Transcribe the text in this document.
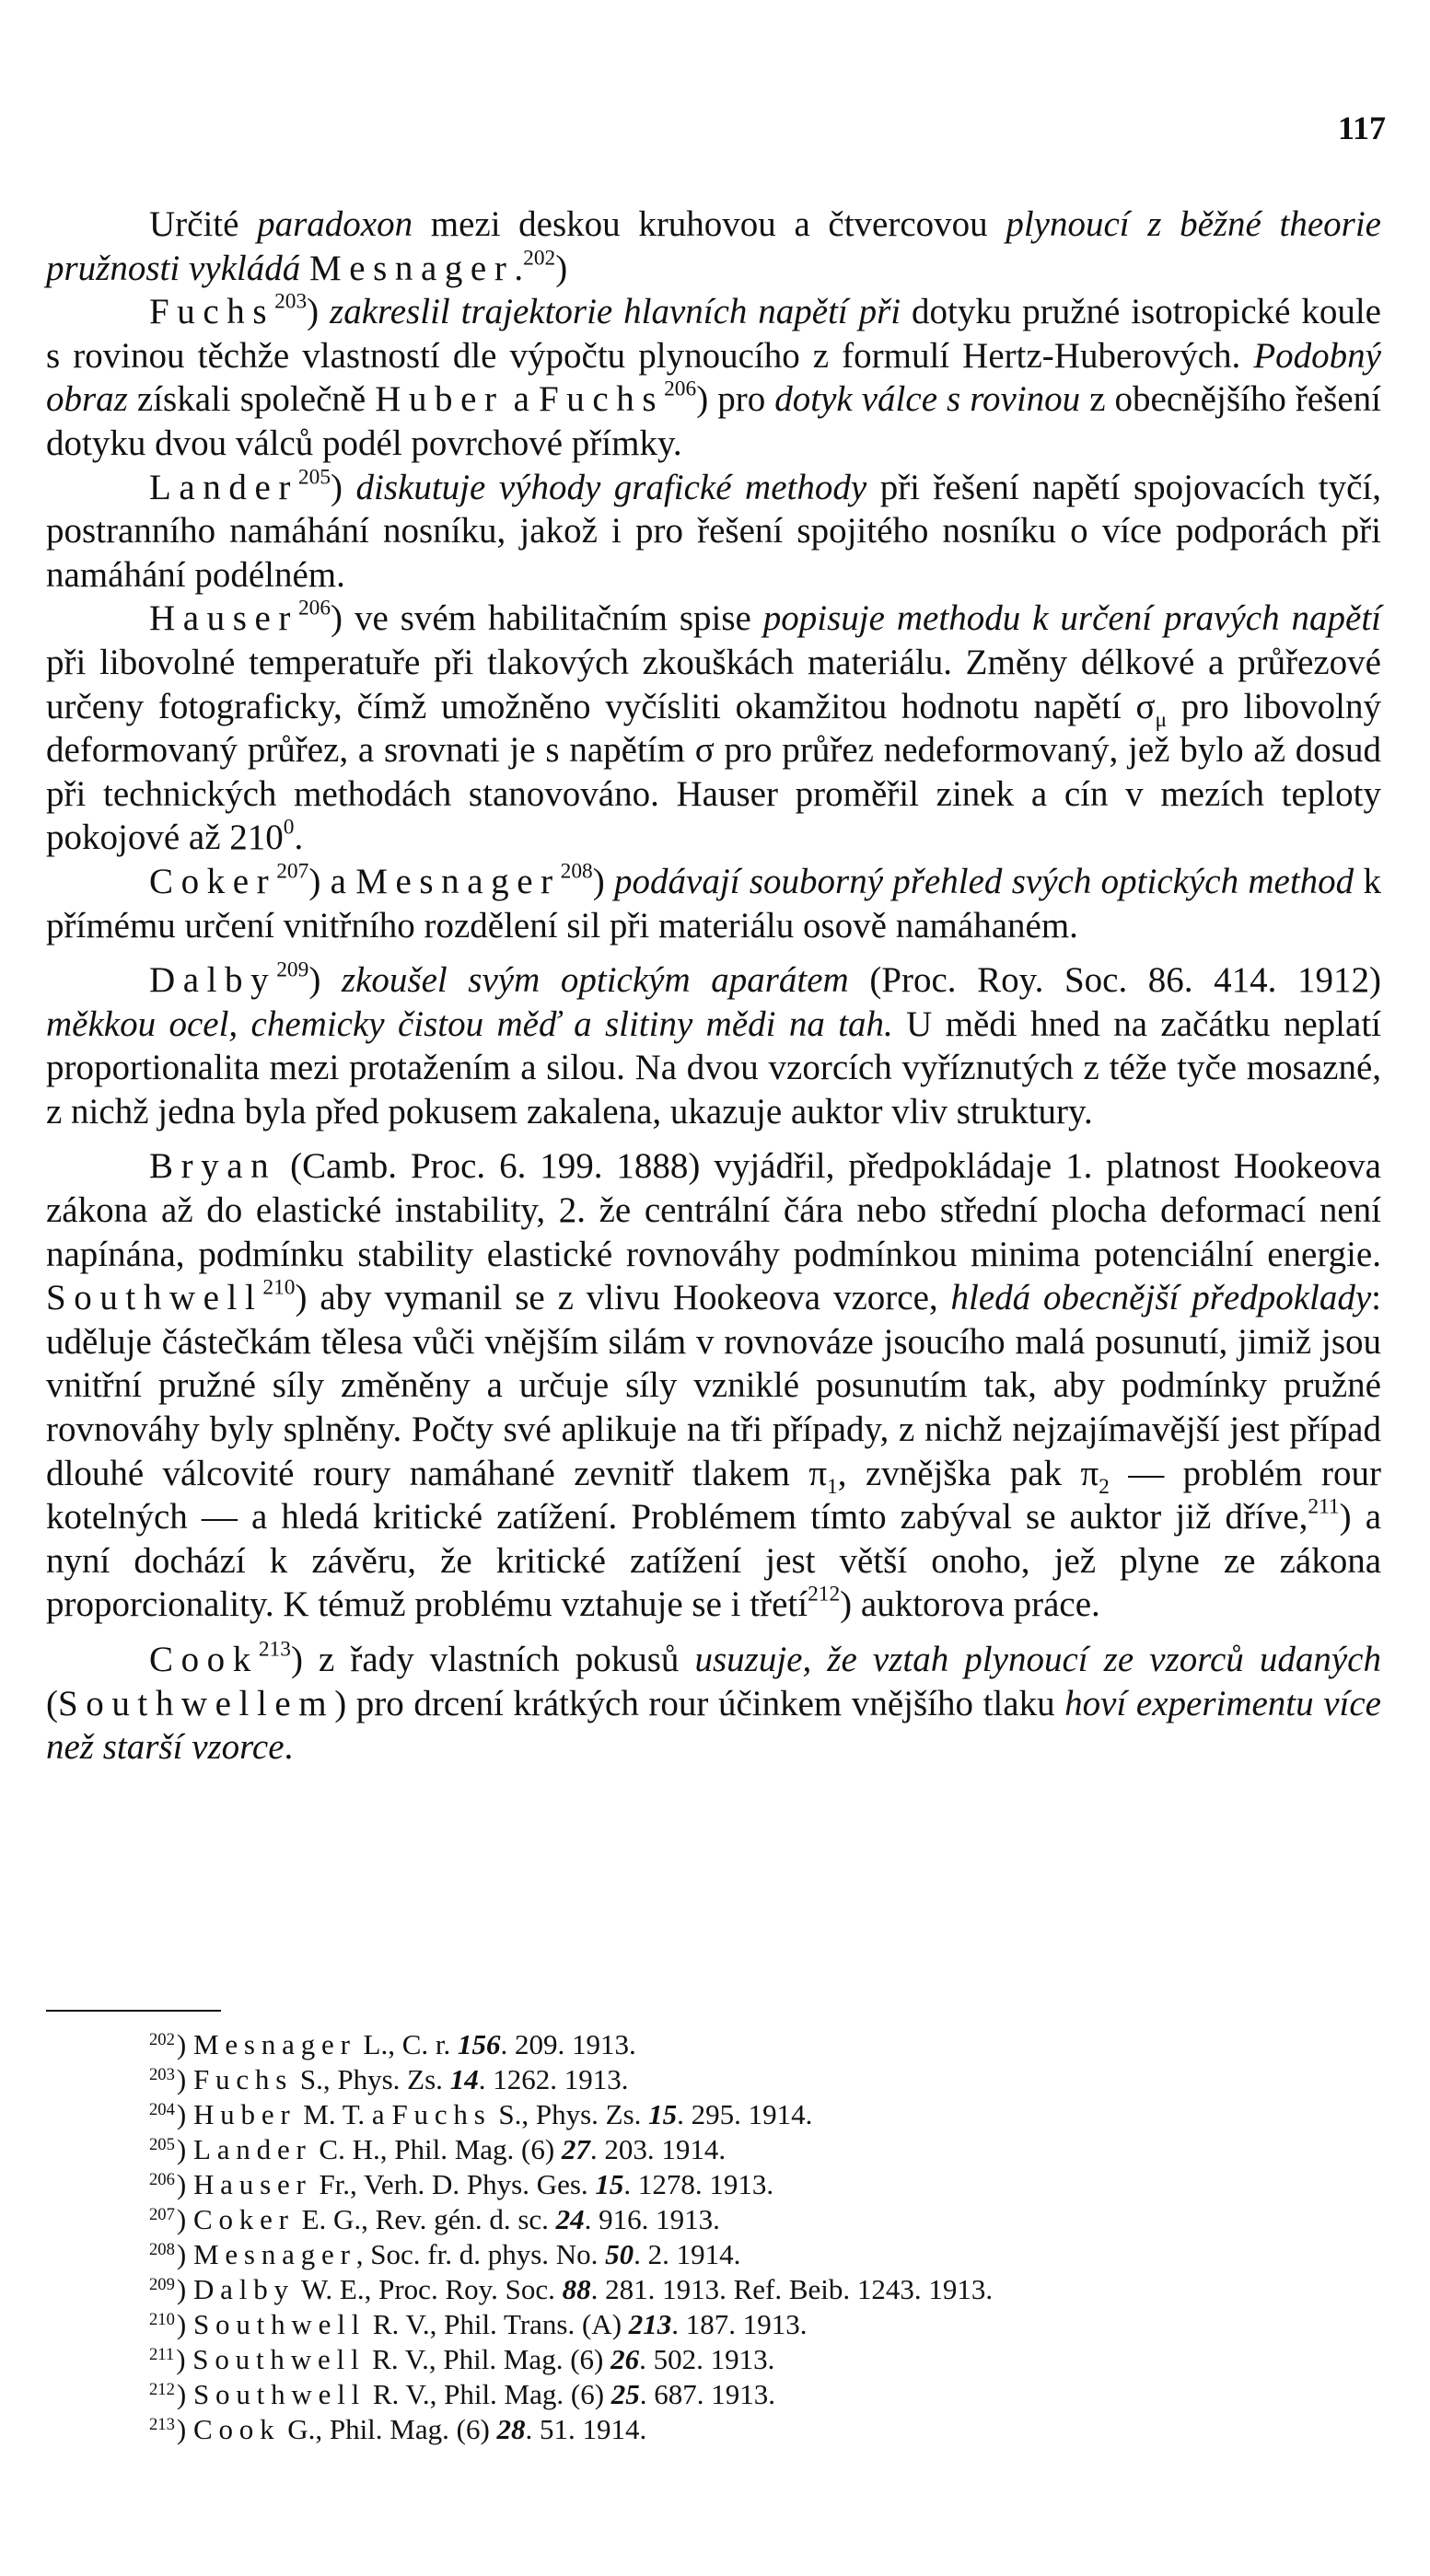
117

Určité paradoxon mezi deskou kruhovou a čtvercovou plynoucí z běžné theorie pružnosti vykládá Mesnager.$^{202}$)

Fuchs$^{203}$) zakreslil trajektorie hlavních napětí při dotyku pružné isotropické koule s rovinou těchže vlastností dle výpočtu plynoucího z formulí Hertz-Huberových. Podobný obraz získali společně Huber a Fuchs$^{206}$) pro dotyk válce s rovinou z obecnějšího řešení dotyku dvou válců podél povrchové přímky.

Lander$^{205}$) diskutuje výhody grafické methody při řešení napětí spojovacích tyčí, postranního namáhání nosníku, jakož i pro řešení spojitého nosníku o více podporách při namáhání podélném.

Hauser$^{206}$) ve svém habilitačním spise popisuje methodu k určení pravých napětí při libovolné temperatuře při tlakových zkouškách materiálu. Změny délkové a průřezové určeny fotograficky, čímž umožněno vyčísliti okamžitou hodnotu napětí $\sigma_\mu$ pro libovolný deformovaný průřez, a srovnati je s napětím σ pro průřez nedeformovaný, jež bylo až dosud při technických methodách stanovováno. Hauser proměřil zinek a cín v mezích teploty pokojové až $210^0$.

Coker$^{207}$) a Mesnager$^{208}$) podávají souborný přehled svých optických method k přímému určení vnitřního rozdělení sil při materiálu osově namáhaném.

Dalby$^{209}$) zkoušel svým optickým aparátem (Proc. Roy. Soc. 86. 414. 1912) měkkou ocel, chemicky čistou měď a slitiny mědi na tah. U mědi hned na začátku neplatí proportionalita mezi protažením a silou. Na dvou vzorcích vyříznutých z téže tyče mosazné, z nichž jedna byla před pokusem zakalena, ukazuje auktor vliv struktury.

Bryan (Camb. Proc. 6. 199. 1888) vyjádřil, předpokládaje 1. platnost Hookeova zákona až do elastické instability, 2. že centrální čára nebo střední plocha deformací není napínána, podmínku stability elastické rovnováhy podmínkou minima potenciální energie. Southwell$^{210}$) aby vymanil se z vlivu Hookeova vzorce, hledá obecnější předpoklady: uděluje částečkám tělesa vůči vnějším silám v rovnováze jsoucího malá posunutí, jimiž jsou vnitřní pružné síly změněny a určuje síly vzniklé posunutím tak, aby podmínky pružné rovnováhy byly splněny. Počty své aplikuje na tři případy, z nichž nejzajímavější jest případ dlouhé válcovité roury namáhané zevnitř tlakem $\pi_1$, zvnějška pak $\pi_2$ — problém rour kotelných — a hledá kritické zatížení. Problémem tímto zabýval se auktor již dříve,$^{211}$) a nyní dochází k závěru, že kritické zatížení jest větší onoho, jež plyne ze zákona proporcionality. K témuž problému vztahuje se i třetí$^{212}$) auktorova práce.

Cook$^{213}$) z řady vlastních pokusů usuzuje, že vztah plynoucí ze vzorců udaných (Southwellem) pro drcení krátkých rour účinkem vnějšího tlaku hoví experimentu více než starší vzorce.

$^{202}$) Mesnager L., C. r. 156. 209. 1913.
$^{203}$) Fuchs S., Phys. Zs. 14. 1262. 1913.
$^{204}$) Huber M. T. a Fuchs S., Phys. Zs. 15. 295. 1914.
$^{205}$) Lander C. H., Phil. Mag. (6) 27. 203. 1914.
$^{206}$) Hauser Fr., Verh. D. Phys. Ges. 15. 1278. 1913.
$^{207}$) Coker E. G., Rev. gén. d. sc. 24. 916. 1913.
$^{208}$) Mesnager, Soc. fr. d. phys. No. 50. 2. 1914.
$^{209}$) Dalby W. E., Proc. Roy. Soc. 88. 281. 1913. Ref. Beib. 1243. 1913.
$^{210}$) Southwell R. V., Phil. Trans. (A) 213. 187. 1913.
$^{211}$) Southwell R. V., Phil. Mag. (6) 26. 502. 1913.
$^{212}$) Southwell R. V., Phil. Mag. (6) 25. 687. 1913.
$^{213}$) Cook G., Phil. Mag. (6) 28. 51. 1914.
